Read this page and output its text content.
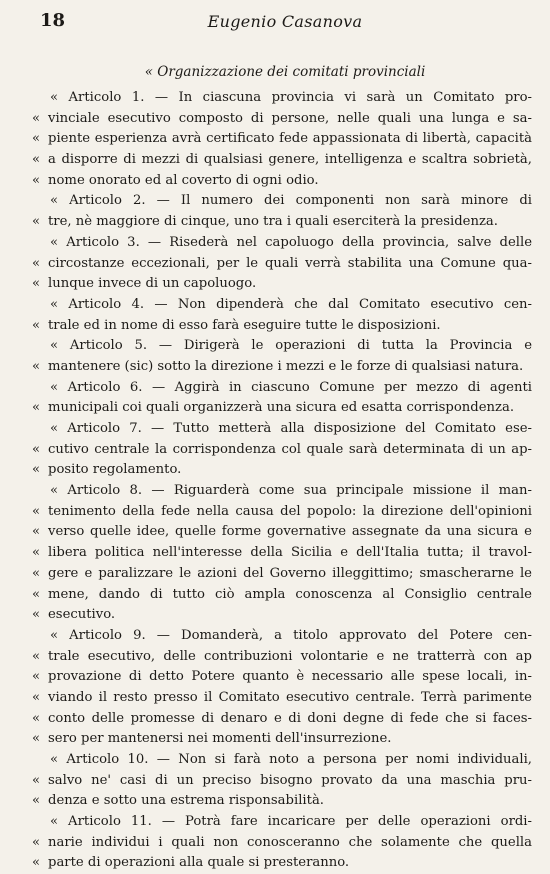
18	Eugenio Casanova
« Organizzazione dei comitati provinciali
« Articolo 1. — In ciascuna provincia vi sarà un Comitato pro-
« vinciale esecutivo composto di persone, nelle quali una lunga e sa-
« piente esperienza avrà certificato fede appassionata di libertà, capacità
« a disporre di mezzi di qualsiasi genere, intelligenza e scaltra sobrietà,
« nome onorato ed al coverto di ogni odio.
« Articolo 2. — Il numero dei componenti non sarà minore di
« tre, nè maggiore di cinque, uno tra i quali eserciterà la presidenza.
« Articolo 3. — Risederà nel capoluogo della provincia, salve delle
« circostanze eccezionali, per le quali verrà stabilita una Comune qua-
« lunque invece di un capoluogo.
« Articolo 4. — Non dipenderà che dal Comitato esecutivo cen-
« trale ed in nome di esso farà eseguire tutte le disposizioni.
« Articolo 5. — Dirigerà le operazioni di tutta la Provincia e
« mantenere (sic) sotto la direzione i mezzi e le forze di qualsiasi natura.
« Articolo 6. — Aggirà in ciascuno Comune per mezzo di agenti
« municipali coi quali organizzerà una sicura ed esatta corrispondenza.
« Articolo 7. — Tutto metterà alla disposizione del Comitato ese-
« cutivo centrale la corrispondenza col quale sarà determinata di un ap-
« posito regolamento.
« Articolo 8. — Riguarderà come sua principale missione il man-
« tenimento della fede nella causa del popolo: la direzione dell'opinioni
« verso quelle idee, quelle forme governative assegnate da una sicura e
« libera politica nell'interesse della Sicilia e dell'Italia tutta; il travol-
« gere e paralizzare le azioni del Governo illeggittimo; smascherarne le
« mene, dando di tutto ciò ampla conoscenza al Consiglio centrale
« esecutivo.
« Articolo 9. — Domanderà, a titolo approvato del Potere cen-
« trale esecutivo, delle contribuzioni volontarie e ne tratterrà con ap
« provazione di detto Potere quanto è necessario alle spese locali, in-
« viando il resto presso il Comitato esecutivo centrale. Terrà parimente
« conto delle promesse di denaro e di doni degne di fede che si faces-
« sero per mantenersi nei momenti dell'insurrezione.
« Articolo 10. — Non si farà noto a persona per nomi individuali,
« salvo ne' casi di un preciso bisogno provato da una maschia pru-
« denza e sotto una estrema risponsabilità.
« Articolo 11. — Potrà fare incaricare per delle operazioni ordi-
« narie individui i quali non conosceranno che solamente che quella
« parte di operazioni alla quale si presteranno.
